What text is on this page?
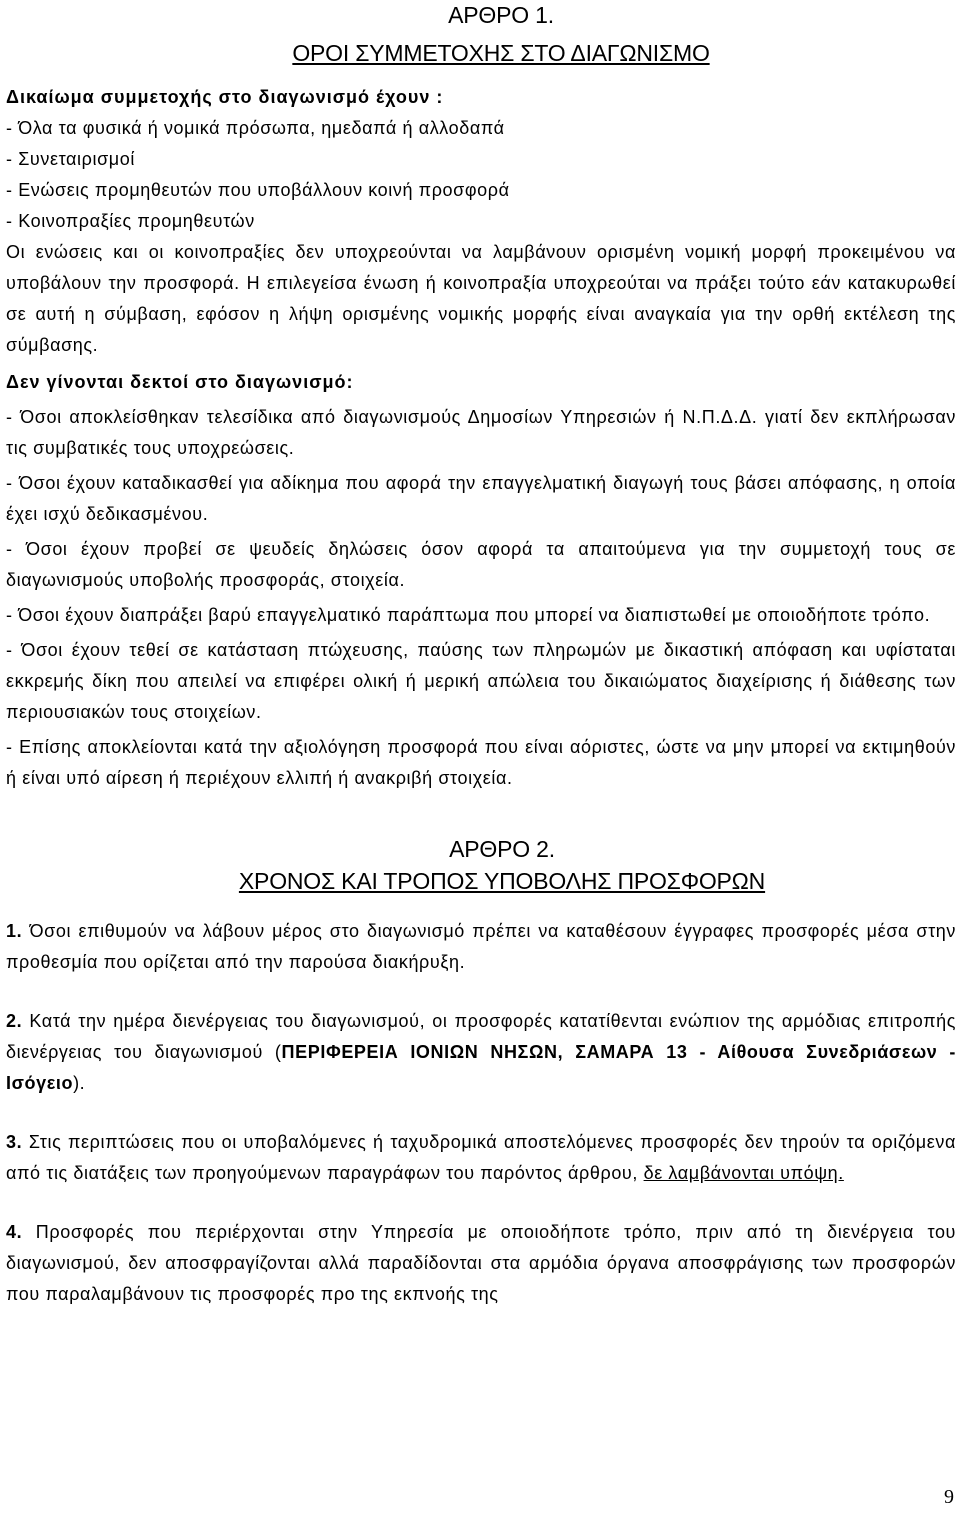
ΑΡΘΡΟ 1.
ΟΡΟΙ ΣΥΜΜΕΤΟΧΗΣ ΣΤΟ ΔΙΑΓΩΝΙΣΜΟ

Δικαίωμα συμμετοχής στο διαγωνισμό έχουν :

- Όλα τα φυσικά ή νομικά πρόσωπα, ημεδαπά ή αλλοδαπά

- Συνεταιρισμοί

- Ενώσεις προμηθευτών που υποβάλλουν κοινή προσφορά

- Κοινοπραξίες προμηθευτών

Οι ενώσεις και οι κοινοπραξίες δεν υποχρεούνται να λαμβάνουν ορισμένη νομική μορφή προκειμένου να υποβάλουν την προσφορά. Η επιλεγείσα ένωση ή κοινοπραξία υποχρεούται να πράξει τούτο εάν κατακυρωθεί σε αυτή η σύμβαση, εφόσον η λήψη ορισμένης νομικής μορφής είναι αναγκαία για την ορθή εκτέλεση της σύμβασης.

Δεν γίνονται δεκτοί στο διαγωνισμό:

- Όσοι αποκλείσθηκαν τελεσίδικα από διαγωνισμούς Δημοσίων Υπηρεσιών ή Ν.Π.Δ.Δ. γιατί δεν εκπλήρωσαν τις συμβατικές τους υποχρεώσεις.

- Όσοι έχουν καταδικασθεί για αδίκημα που αφορά την επαγγελματική διαγωγή τους βάσει απόφασης, η οποία έχει ισχύ δεδικασμένου.

- Όσοι έχουν προβεί σε ψευδείς δηλώσεις όσον αφορά τα απαιτούμενα για την συμμετοχή τους σε διαγωνισμούς υποβολής προσφοράς, στοιχεία.

- Όσοι έχουν διαπράξει βαρύ επαγγελματικό παράπτωμα που μπορεί να διαπιστωθεί με οποιοδήποτε τρόπο.

- Όσοι έχουν τεθεί σε κατάσταση πτώχευσης, παύσης των πληρωμών με δικαστική απόφαση και υφίσταται εκκρεμής δίκη που απειλεί να επιφέρει ολική ή μερική απώλεια του δικαιώματος διαχείρισης ή διάθεσης των περιουσιακών τους στοιχείων.

- Επίσης αποκλείονται κατά την αξιολόγηση προσφορά που είναι αόριστες, ώστε να μην μπορεί να εκτιμηθούν ή είναι υπό αίρεση ή περιέχουν ελλιπή ή ανακριβή στοιχεία.

ΑΡΘΡΟ 2.
ΧΡΟΝΟΣ ΚΑΙ ΤΡΟΠΟΣ ΥΠΟΒΟΛΗΣ ΠΡΟΣΦΟΡΩΝ

1. Όσοι επιθυμούν να λάβουν μέρος στο διαγωνισμό πρέπει να καταθέσουν έγγραφες προσφορές μέσα στην προθεσμία που ορίζεται από την παρούσα διακήρυξη.

2. Κατά την ημέρα διενέργειας του διαγωνισμού, οι προσφορές κατατίθενται ενώπιον της αρμόδιας επιτροπής διενέργειας του διαγωνισμού (ΠΕΡΙΦΕΡΕΙΑ ΙΟΝΙΩΝ ΝΗΣΩΝ, ΣΑΜΑΡΑ 13 - Αίθουσα Συνεδριάσεων - Ισόγειο).

3. Στις περιπτώσεις που οι υποβαλόμενες ή ταχυδρομικά αποστελόμενες προσφορές δεν τηρούν τα οριζόμενα από τις διατάξεις των προηγούμενων παραγράφων του παρόντος άρθρου, δε λαμβάνονται υπόψη.

4. Προσφορές που περιέρχονται στην Υπηρεσία με οποιοδήποτε τρόπο, πριν από τη διενέργεια του διαγωνισμού, δεν αποσφραγίζονται αλλά παραδίδονται στα αρμόδια όργανα αποσφράγισης των προσφορών που παραλαμβάνουν τις προσφορές προ της εκπνοής της

9
